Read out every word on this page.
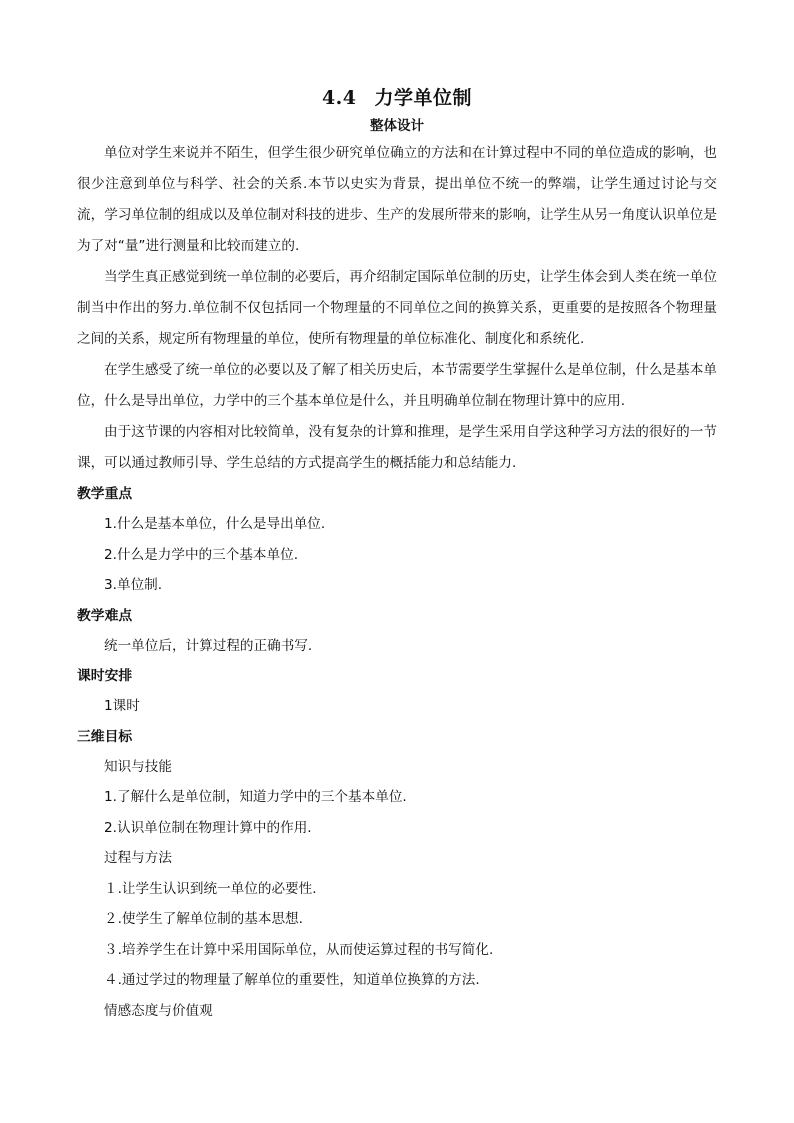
4.4 力学单位制

整体设计

单位对学生来说并不陌生，但学生很少研究单位确立的方法和在计算过程中不同的单位造成的影响，也很少注意到单位与科学、社会的关系.本节以史实为背景，提出单位不统一的弊端，让学生通过讨论与交流，学习单位制的组成以及单位制对科技的进步、生产的发展所带来的影响，让学生从另一角度认识单位是为了对“量”进行测量和比较而建立的.

当学生真正感觉到统一单位制的必要后，再介绍制定国际单位制的历史，让学生体会到人类在统一单位制当中作出的努力.单位制不仅包括同一个物理量的不同单位之间的换算关系，更重要的是按照各个物理量之间的关系，规定所有物理量的单位，使所有物理量的单位标准化、制度化和系统化.

在学生感受了统一单位的必要以及了解了相关历史后，本节需要学生掌握什么是单位制，什么是基本单位，什么是导出单位，力学中的三个基本单位是什么，并且明确单位制在物理计算中的应用.

由于这节课的内容相对比较简单，没有复杂的计算和推理，是学生采用自学这种学习方法的很好的一节课，可以通过教师引导、学生总结的方式提高学生的概括能力和总结能力.

教学重点

1.什么是基本单位，什么是导出单位.

2.什么是力学中的三个基本单位.

3.单位制.

教学难点

统一单位后，计算过程的正确书写.

课时安排

1课时

三维目标

知识与技能

1.了解什么是单位制，知道力学中的三个基本单位.

2.认识单位制在物理计算中的作用.

过程与方法

１.让学生认识到统一单位的必要性.

２.使学生了解单位制的基本思想.

３.培养学生在计算中采用国际单位，从而使运算过程的书写简化.

４.通过学过的物理量了解单位的重要性，知道单位换算的方法.

情感态度与价值观
